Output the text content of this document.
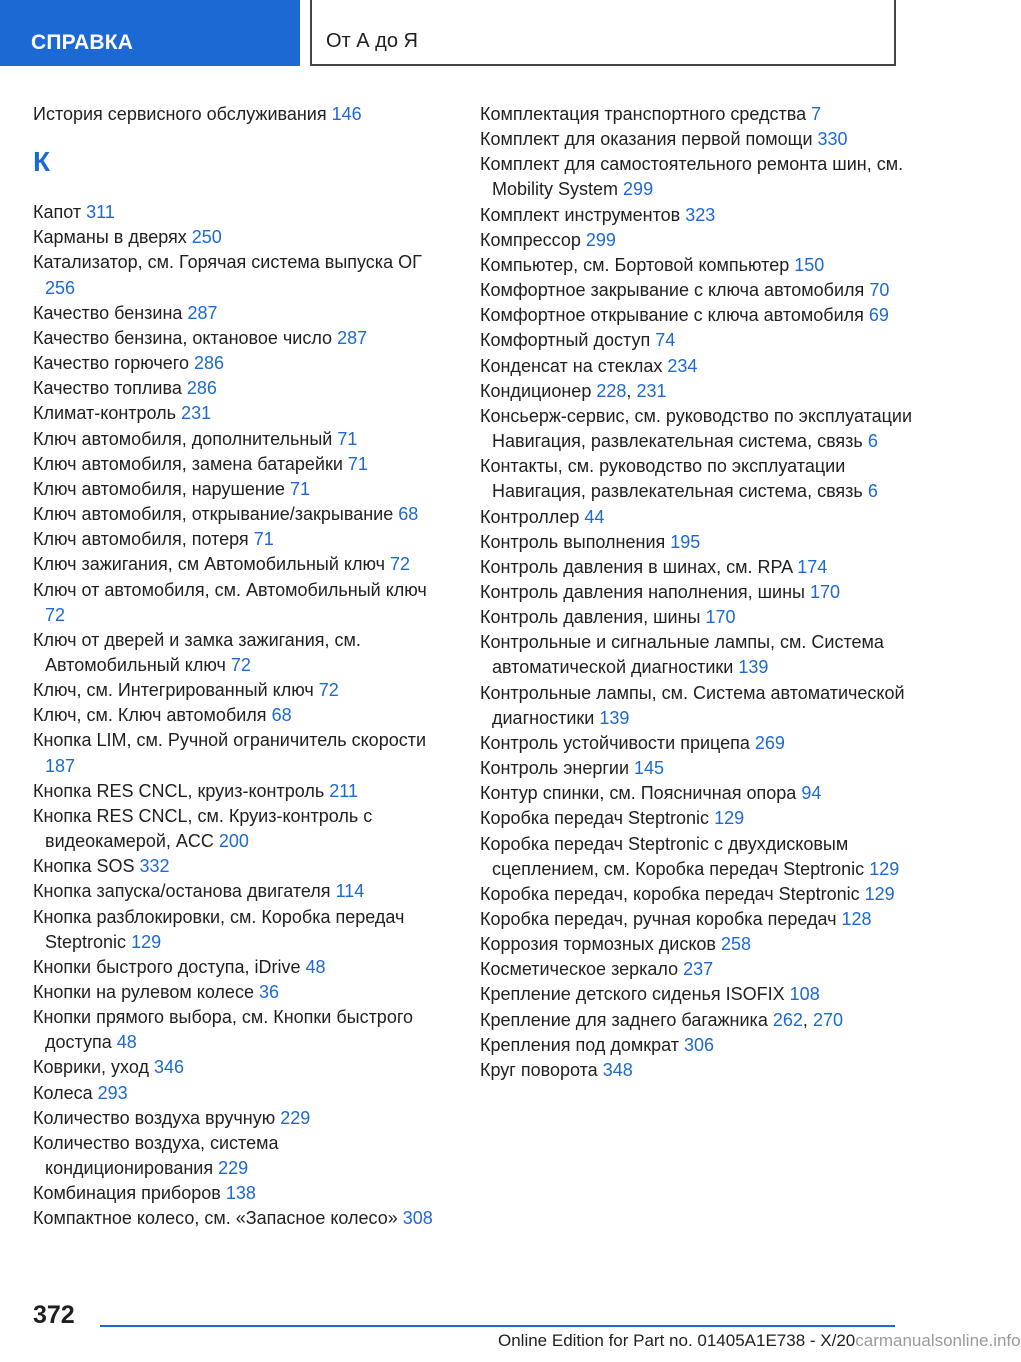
СПРАВКА	От А до Я
История сервисного обслуживания 146
К
Капот 311
Карманы в дверях 250
Катализатор, см. Горячая система выпуска ОГ 256
Качество бензина 287
Качество бензина, октановое число 287
Качество горючего 286
Качество топлива 286
Климат-контроль 231
Ключ автомобиля, дополнительный 71
Ключ автомобиля, замена батарейки 71
Ключ автомобиля, нарушение 71
Ключ автомобиля, открывание/закрывание 68
Ключ автомобиля, потеря 71
Ключ зажигания, см Автомобильный ключ 72
Ключ от автомобиля, см. Автомобильный ключ 72
Ключ от дверей и замка зажигания, см. Автомобильный ключ 72
Ключ, см. Интегрированный ключ 72
Ключ, см. Ключ автомобиля 68
Кнопка LIM, см. Ручной ограничитель скорости 187
Кнопка RES CNCL, круиз-контроль 211
Кнопка RES CNCL, см. Круиз-контроль с видеокамерой, ACC 200
Кнопка SOS 332
Кнопка запуска/останова двигателя 114
Кнопка разблокировки, см. Коробка передач Steptronic 129
Кнопки быстрого доступа, iDrive 48
Кнопки на рулевом колесе 36
Кнопки прямого выбора, см. Кнопки быстрого доступа 48
Коврики, уход 346
Колеса 293
Количество воздуха вручную 229
Количество воздуха, система кондиционирования 229
Комбинация приборов 138
Компактное колесо, см. «Запасное колесо» 308
Комплектация транспортного средства 7
Комплект для оказания первой помощи 330
Комплект для самостоятельного ремонта шин, см. Mobility System 299
Комплект инструментов 323
Компрессор 299
Компьютер, см. Бортовой компьютер 150
Комфортное закрывание с ключа автомобиля 70
Комфортное открывание с ключа автомобиля 69
Комфортный доступ 74
Конденсат на стеклах 234
Кондиционер 228, 231
Консьерж-сервис, см. руководство по эксплуатации Навигация, развлекательная система, связь 6
Контакты, см. руководство по эксплуатации Навигация, развлекательная система, связь 6
Контроллер 44
Контроль выполнения 195
Контроль давления в шинах, см. RPA 174
Контроль давления наполнения, шины 170
Контроль давления, шины 170
Контрольные и сигнальные лампы, см. Система автоматической диагностики 139
Контрольные лампы, см. Система автоматической диагностики 139
Контроль устойчивости прицепа 269
Контроль энергии 145
Контур спинки, см. Поясничная опора 94
Коробка передач Steptronic 129
Коробка передач Steptronic с двухдисковым сцеплением, см. Коробка передач Steptronic 129
Коробка передач, коробка передач Steptronic 129
Коробка передач, ручная коробка передач 128
Коррозия тормозных дисков 258
Косметическое зеркало 237
Крепление детского сиденья ISOFIX 108
Крепление для заднего багажника 262, 270
Крепления под домкрат 306
Круг поворота 348
372
Online Edition for Part no. 01405A1E738 - X/20carmanualsonline.info
